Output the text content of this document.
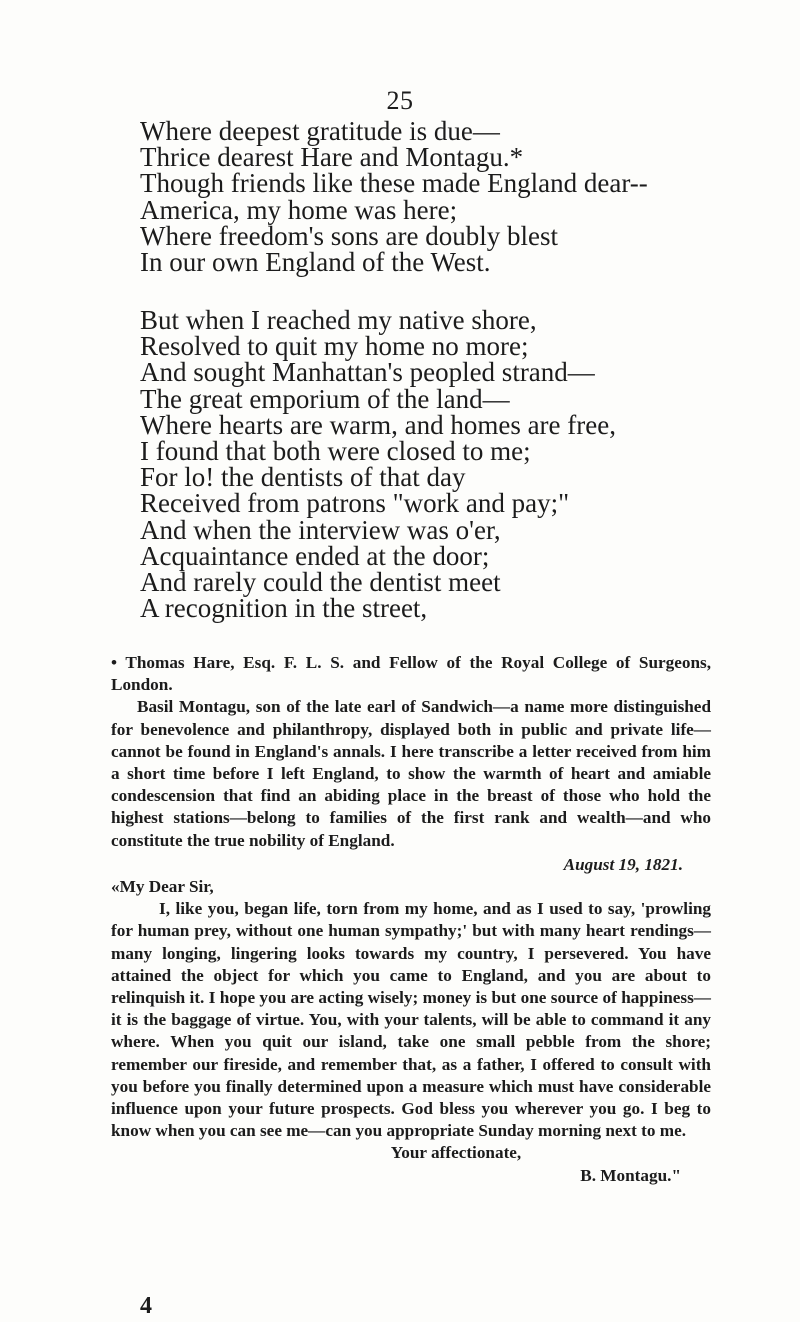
25
Where deepest gratitude is due—
Thrice dearest Hare and Montagu.*
Though friends like these made England dear--
America, my home was here;
Where freedom's sons are doubly blest
In our own England of the West.
But when I reached my native shore,
Resolved to quit my home no more;
And sought Manhattan's peopled strand—
The great emporium of the land—
Where hearts are warm, and homes are free,
I found that both were closed to me;
For lo! the dentists of that day
Received from patrons "work and pay;"
And when the interview was o'er,
Acquaintance ended at the door;
And rarely could the dentist meet
A recognition in the street,

• Thomas Hare, Esq. F. L. S. and Fellow of the Royal College of Surgeons, London.

Basil Montagu, son of the late earl of Sandwich—a name more distinguished for benevolence and philanthropy, displayed both in public and private life—cannot be found in England's annals. I here transcribe a letter received from him a short time before I left England, to show the warmth of heart and amiable condescension that find an abiding place in the breast of those who hold the highest stations—belong to families of the first rank and wealth—and who constitute the true nobility of England.

August 19, 1821.

«My Dear Sir,

I, like you, began life, torn from my home, and as I used to say, 'prowling for human prey, without one human sympathy;' but with many heart rendings—many longing, lingering looks towards my country, I persevered. You have attained the object for which you came to England, and you are about to relinquish it. I hope you are acting wisely; money is but one source of happiness—it is the baggage of virtue. You, with your talents, will be able to command it any where. When you quit our island, take one small pebble from the shore; remember our fireside, and remember that, as a father, I offered to consult with you before you finally determined upon a measure which must have considerable influence upon your future prospects. God bless you wherever you go. I beg to know when you can see me—can you appropriate Sunday morning next to me.

Your affectionate,

B. Montagu."

4
